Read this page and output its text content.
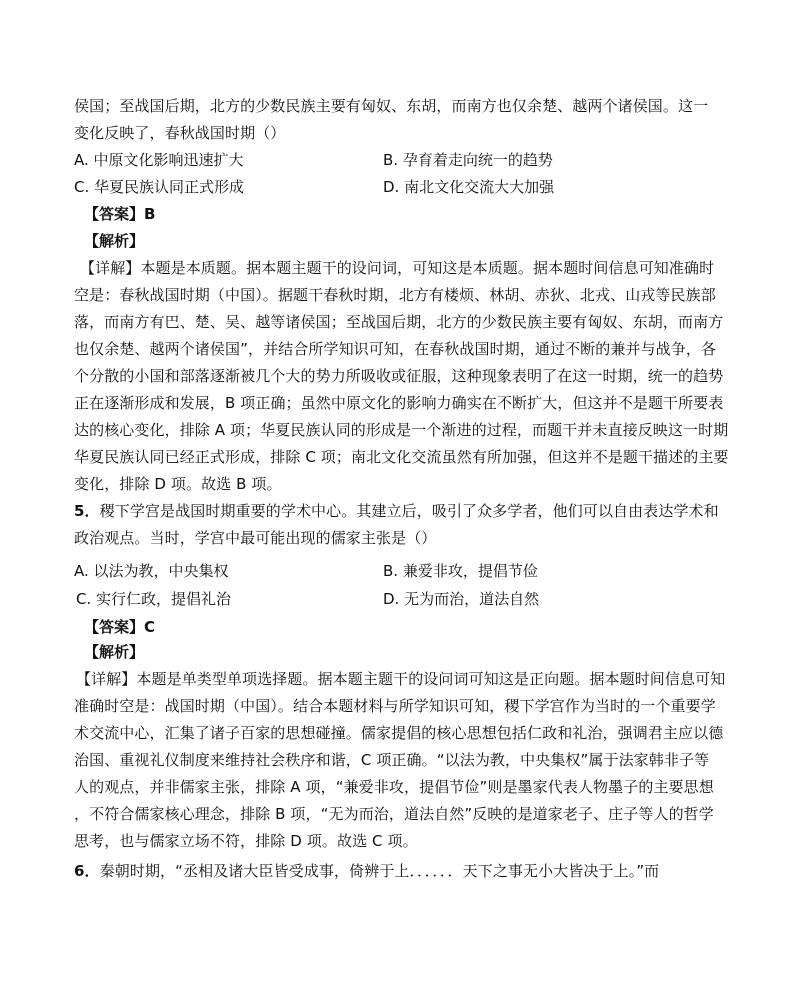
侯国；至战国后期，北方的少数民族主要有匈奴、东胡，而南方也仅余楚、越两个诸侯国。这一
变化反映了，春秋战国时期（）
A. 中原文化影响迅速扩大	B. 孕育着走向统一的趋势
C. 华夏民族认同正式形成	D. 南北文化交流大大加强
【答案】B
【解析】
【详解】本题是本质题。据本题主题干的设问词，可知这是本质题。据本题时间信息可知准确时
空是：春秋战国时期（中国）。据题干春秋时期，北方有楼烦、林胡、赤狄、北戎、山戎等民族部
落，而南方有巴、楚、吴、越等诸侯国；至战国后期，北方的少数民族主要有匈奴、东胡，而南方
也仅余楚、越两个诸侯国”，并结合所学知识可知，在春秋战国时期，通过不断的兼并与战争，各
个分散的小国和部落逐渐被几个大的势力所吸收或征服，这种现象表明了在这一时期，统一的趋势
正在逐渐形成和发展，B 项正确；虽然中原文化的影响力确实在不断扩大，但这并不是题干所要表
达的核心变化，排除 A 项；华夏民族认同的形成是一个渐进的过程，而题干并未直接反映这一时期
华夏民族认同已经正式形成，排除 C 项；南北文化交流虽然有所加强，但这并不是题干描述的主要
变化，排除 D 项。故选 B 项。
5．稷下学宫是战国时期重要的学术中心。其建立后，吸引了众多学者，他们可以自由表达学术和
政治观点。当时，学宫中最可能出现的儒家主张是（）
A. 以法为教，中央集权	B. 兼爱非攻，提倡节俭
C. 实行仁政，提倡礼治	D. 无为而治，道法自然
【答案】C
【解析】
【详解】本题是单类型单项选择题。据本题主题干的设问词可知这是正向题。据本题时间信息可知
准确时空是：战国时期（中国）。结合本题材料与所学知识可知，稷下学宫作为当时的一个重要学
术交流中心，汇集了诸子百家的思想碰撞。儒家提倡的核心思想包括仁政和礼治，强调君主应以德
治国、重视礼仪制度来维持社会秩序和谐，C 项正确。“以法为教，中央集权”属于法家韩非子等
人的观点，并非儒家主张，排除 A 项，“兼爱非攻，提倡节俭”则是墨家代表人物墨子的主要思想
，不符合儒家核心理念，排除 B 项，“无为而治，道法自然”反映的是道家老子、庄子等人的哲学
思考，也与儒家立场不符，排除 D 项。故选 C 项。
6．秦朝时期，“丞相及诸大臣皆受成事，倚辨于上．．．．．．天下之事无小大皆决于上。”而
